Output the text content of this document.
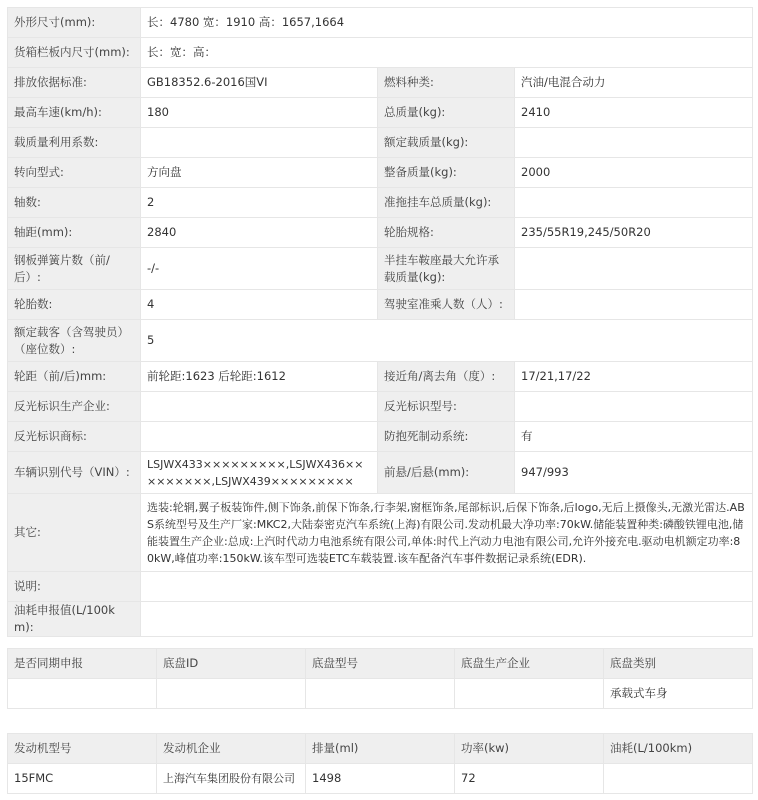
外形尺寸(mm):	长：4780 宽：1910 高：1657,1664		
货箱栏板内尺寸(mm):	长：宽：高：		
排放依据标准:	GB18352.6-2016国VI	燃料种类:	汽油/电混合动力
最高车速(km/h):	180	总质量(kg):	2410
载质量利用系数:		额定载质量(kg):	
转向型式:	方向盘	整备质量(kg):	2000
轴数:	2	准拖挂车总质量(kg):	
轴距(mm):	2840	轮胎规格:	235/55R19,245/50R20
钢板弹簧片数（前/后）:	-/-	半挂车鞍座最大允许承载质量(kg):	
轮胎数:	4	驾驶室准乘人数（人）:	
额定载客（含驾驶员）（座位数）:	5		
轮距（前/后)mm:	前轮距:1623 后轮距:1612	接近角/离去角（度）:	17/21,17/22
反光标识生产企业:		反光标识型号:	
反光标识商标:		防抱死制动系统:	有
车辆识别代号（VIN）:	LSJWX433×××××××××,LSJWX436×××××××××,LSJWX439×××××××××	前悬/后悬(mm):	947/993
其它:	选装:轮辋,翼子板装饰件,侧下饰条,前保下饰条,行李架,窗框饰条,尾部标识,后保下饰条,后logo,无后上摄像头,无激光雷达.ABS系统型号及生产厂家:MKC2,大陆泰密克汽车系统(上海)有限公司.发动机最大净功率:70kW.储能装置种类:磷酸铁锂电池,储能装置生产企业:总成:上汽时代动力电池系统有限公司,单体:时代上汽动力电池有限公司,允许外接充电.驱动电机额定功率:80kW,峰值功率:150kW.该车型可选装ETC车载装置.该车配备汽车事件数据记录系统(EDR).		
说明:			
油耗申报值(L/100km):			
是否同期申报	底盘ID	底盘型号	底盘生产企业	底盘类别
				承载式车身
发动机型号	发动机企业	排量(ml)	功率(kw)	油耗(L/100km)
15FMC	上海汽车集团股份有限公司	1498	72	
